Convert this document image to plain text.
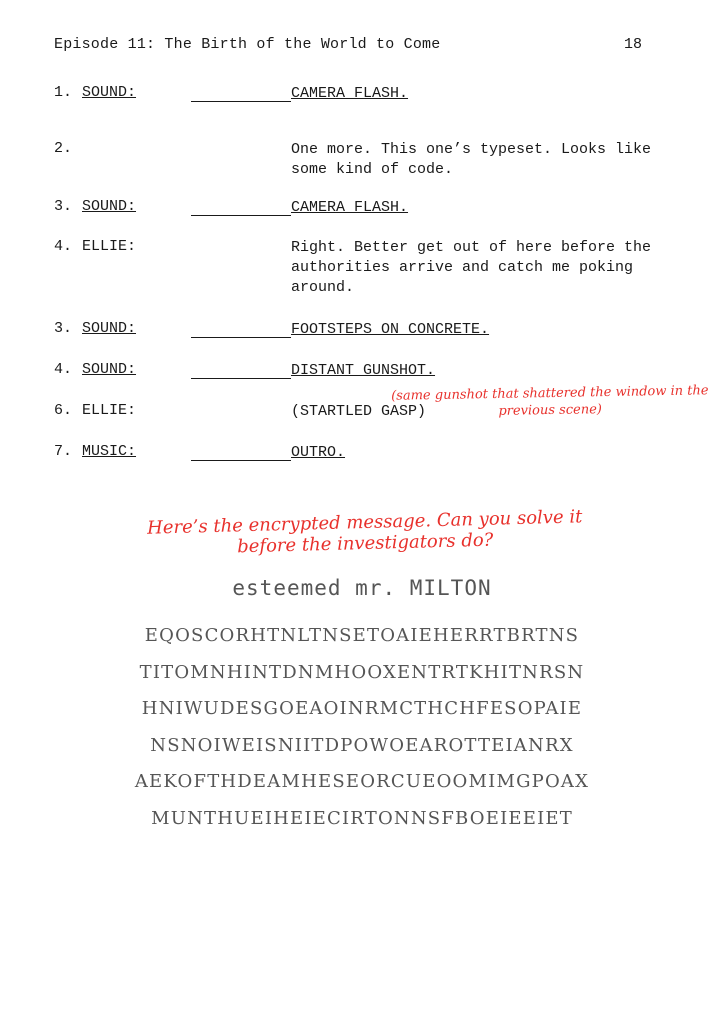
Episode 11: The Birth of the World to Come	18
1. SOUND:	CAMERA FLASH.
2.	One more. This one’s typeset. Looks like some kind of code.
3. SOUND:	CAMERA FLASH.
4. ELLIE:	Right. Better get out of here before the authorities arrive and catch me poking around.
3. SOUND:	FOOTSTEPS ON CONCRETE.
4. SOUND:	DISTANT GUNSHOT.
6. ELLIE:	(STARTLED GASP)
7. MUSIC:	OUTRO.
(same gunshot that shattered the window in the previous scene)
Here’s the encrypted message. Can you solve it before the investigators do?
esteemed mr. MILTON
EQOSCORHTNLTNSETOAIEHERRTBRTNS
TITOMNHINTDNMHOOXENTRTKHITNRSN
HNIWUDESGOEAOINRMCTHCHFESOPAIE
NSNOIWEISNIITDPOWOEAROTTEIANRX
AEKOFTHDEAMHESEORCUEOOMIMGPOAX
MUNTHUEIHEIECIRTONNSFBOEIEEIET
